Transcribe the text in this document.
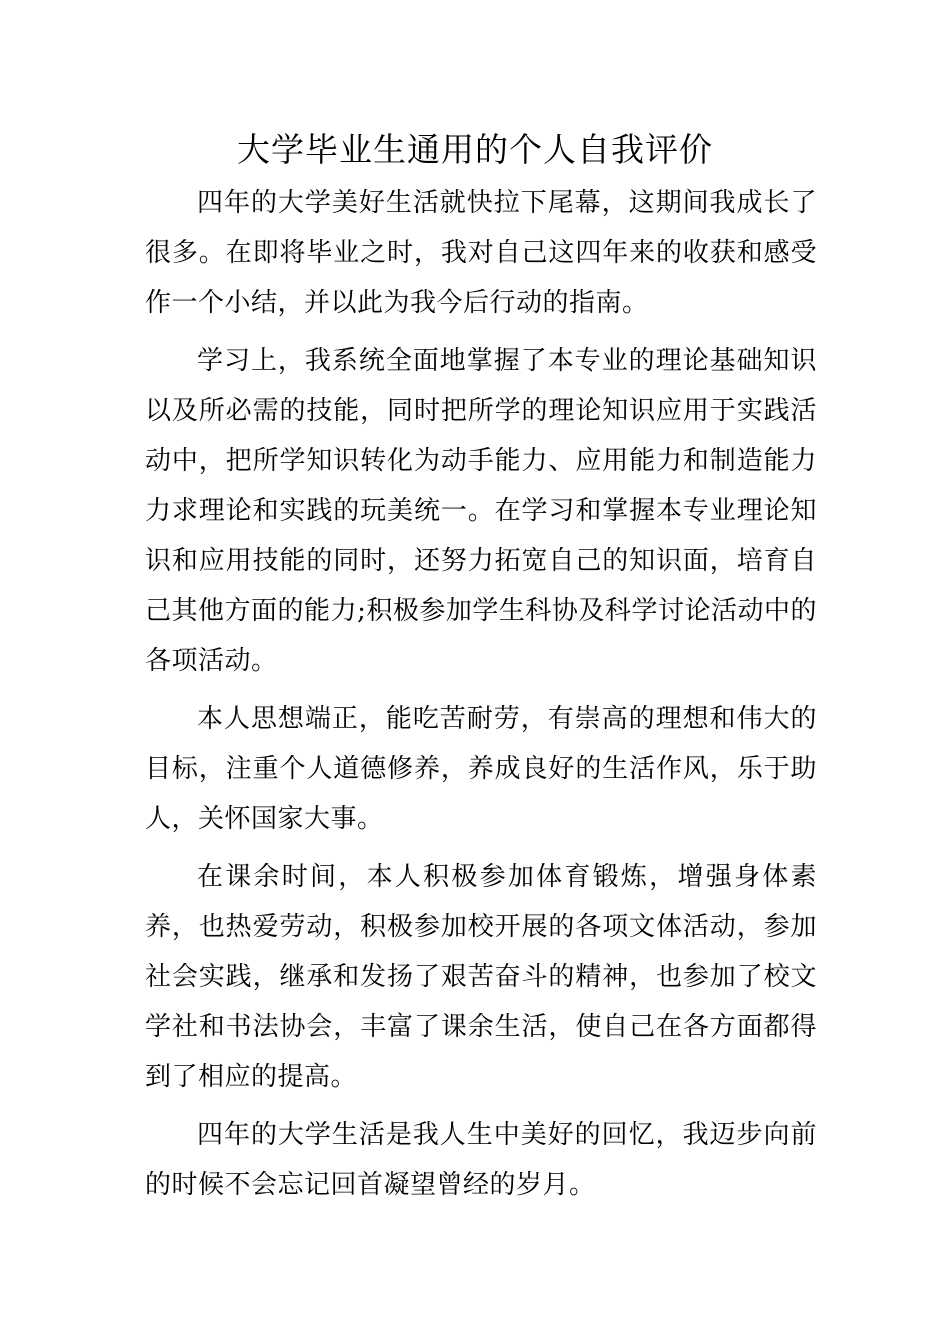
大学毕业生通用的个人自我评价

四年的大学美好生活就快拉下尾幕，这期间我成长了很多。在即将毕业之时，我对自己这四年来的收获和感受作一个小结，并以此为我今后行动的指南。

学习上，我系统全面地掌握了本专业的理论基础知识以及所必需的技能，同时把所学的理论知识应用于实践活动中，把所学知识转化为动手能力、应用能力和制造能力力求理论和实践的玩美统一。在学习和掌握本专业理论知识和应用技能的同时，还努力拓宽自己的知识面，培育自己其他方面的能力;积极参加学生科协及科学讨论活动中的各项活动。

本人思想端正，能吃苦耐劳，有崇高的理想和伟大的目标，注重个人道德修养，养成良好的生活作风，乐于助人，关怀国家大事。

在课余时间，本人积极参加体育锻炼，增强身体素养，也热爱劳动，积极参加校开展的各项文体活动，参加社会实践，继承和发扬了艰苦奋斗的精神，也参加了校文学社和书法协会，丰富了课余生活，使自己在各方面都得到了相应的提高。

四年的大学生活是我人生中美好的回忆，我迈步向前的时候不会忘记回首凝望曾经的岁月。
